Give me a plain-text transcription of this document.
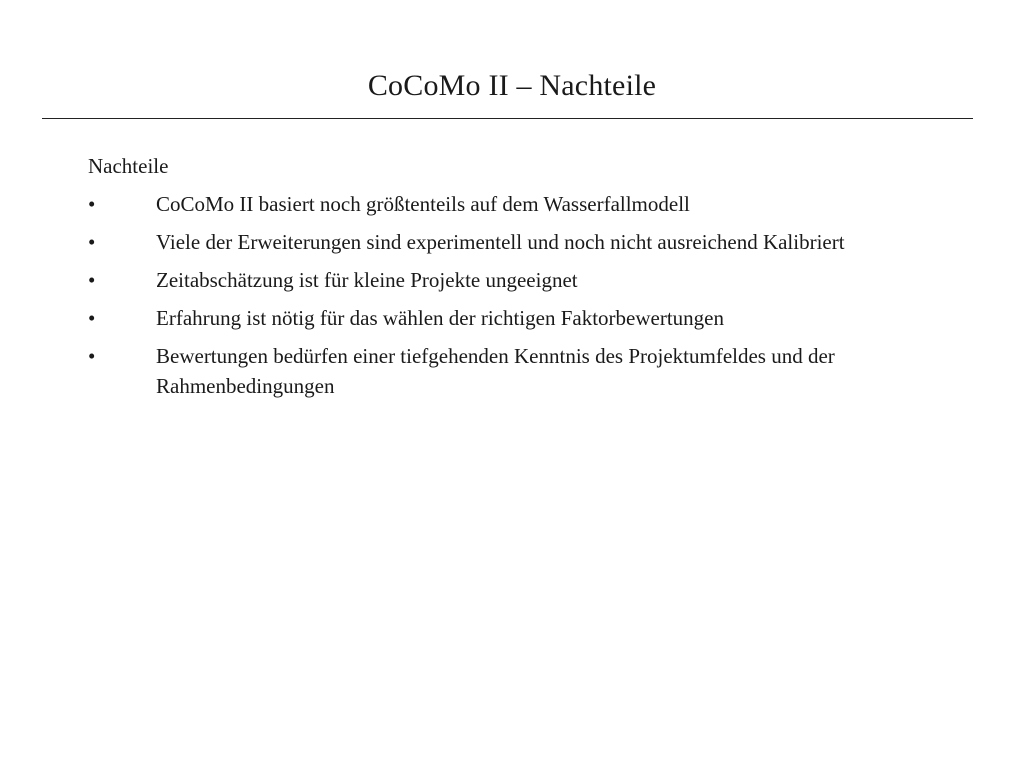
CoCoMo II – Nachteile
Nachteile
•	CoCoMo II basiert noch größtenteils auf dem Wasserfallmodell
•	Viele der Erweiterungen sind experimentell und noch nicht ausreichend Kalibriert
•	Zeitabschätzung ist für kleine Projekte ungeeignet
•	Erfahrung ist nötig für das wählen der richtigen Faktorbewertungen
•	Bewertungen bedürfen einer tiefgehenden Kenntnis des Projektumfeldes und der Rahmenbedingungen
